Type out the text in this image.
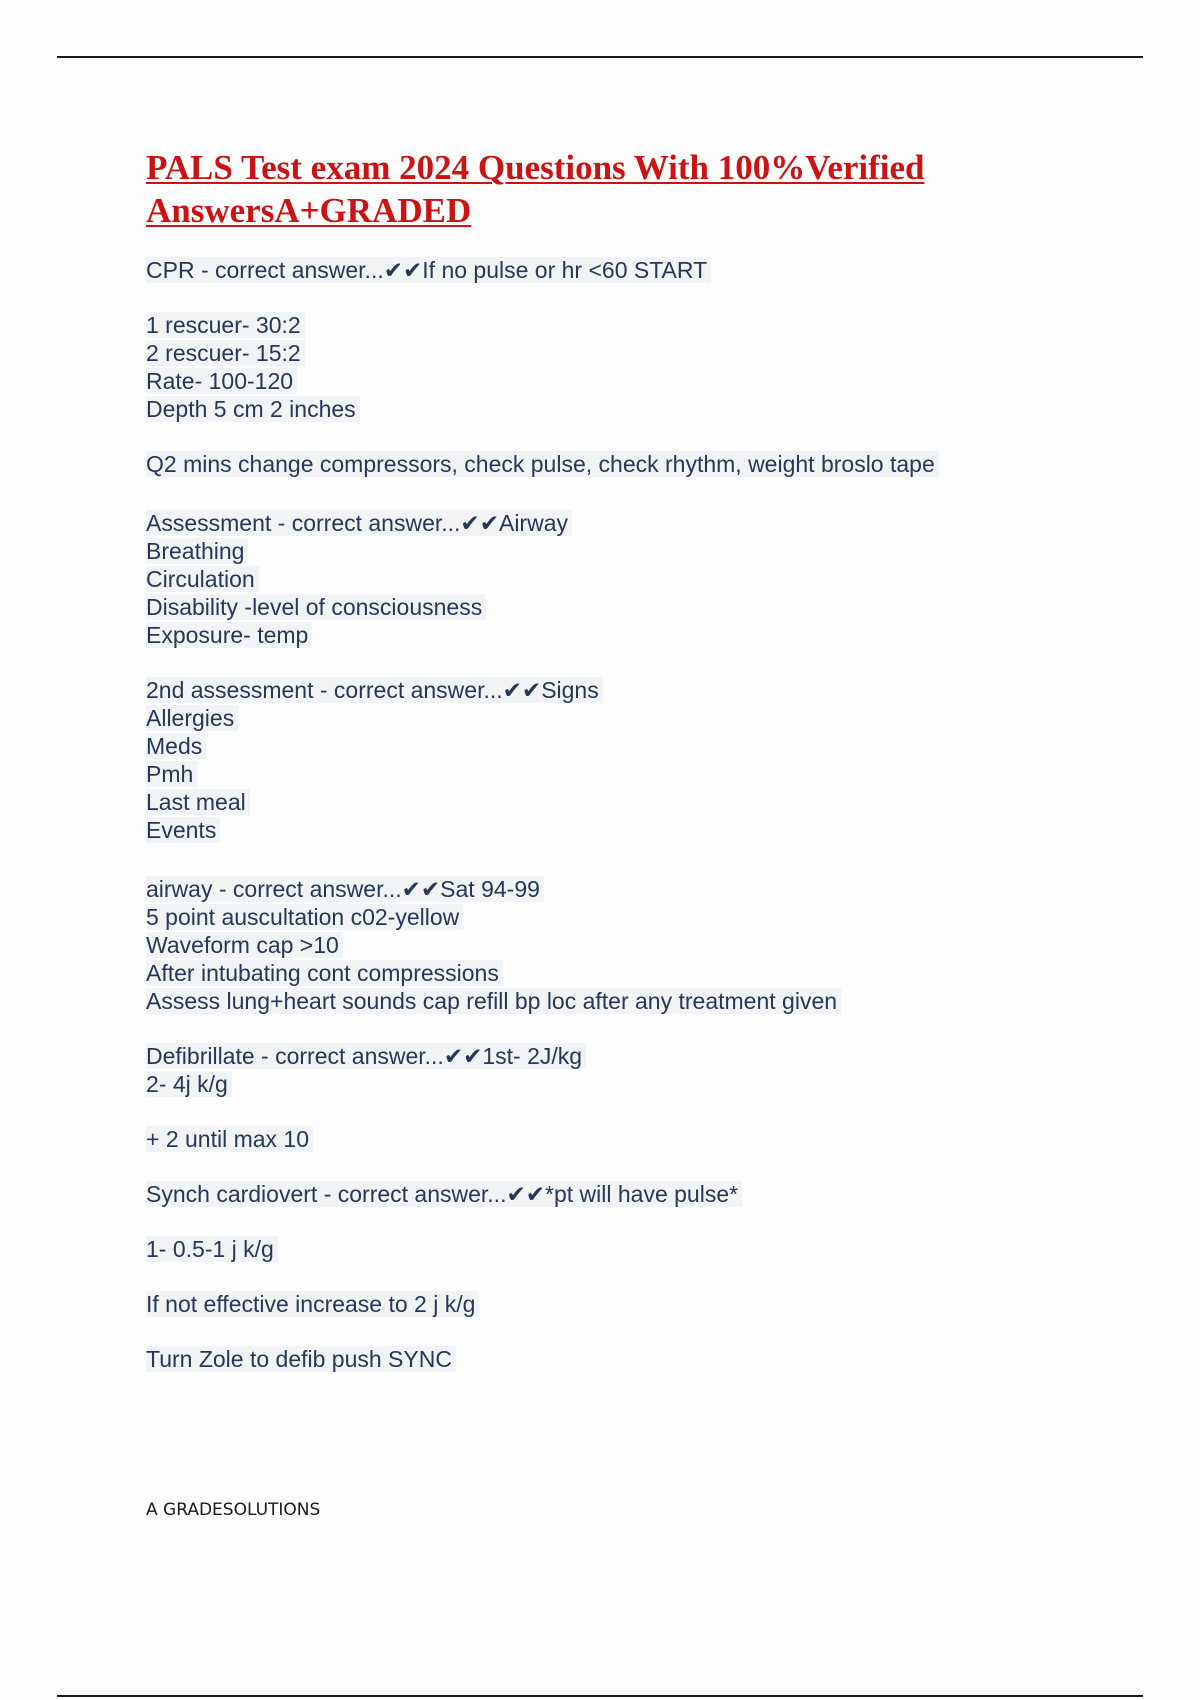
PALS Test exam 2024 Questions With 100%Verified AnswersA+GRADED
CPR - correct answer...✔✔If no pulse or hr <60 START
1 rescuer- 30:2
2 rescuer- 15:2
Rate- 100-120
Depth 5 cm 2 inches
Q2 mins change compressors, check pulse, check rhythm, weight broslo tape
Assessment - correct answer...✔✔Airway
Breathing
Circulation
Disability -level of consciousness
Exposure- temp
2nd assessment - correct answer...✔✔Signs
Allergies
Meds
Pmh
Last meal
Events
airway - correct answer...✔✔Sat 94-99
5 point auscultation c02-yellow
Waveform cap >10
After intubating cont compressions
Assess lung+heart sounds cap refill bp loc after any treatment given
Defibrillate - correct answer...✔✔1st- 2J/kg
2- 4j k/g
+ 2 until max 10
Synch cardiovert - correct answer...✔✔*pt will have pulse*
1- 0.5-1 j k/g
If not effective increase to 2 j k/g
Turn Zole to defib push SYNC
A GRADESOLUTIONS
